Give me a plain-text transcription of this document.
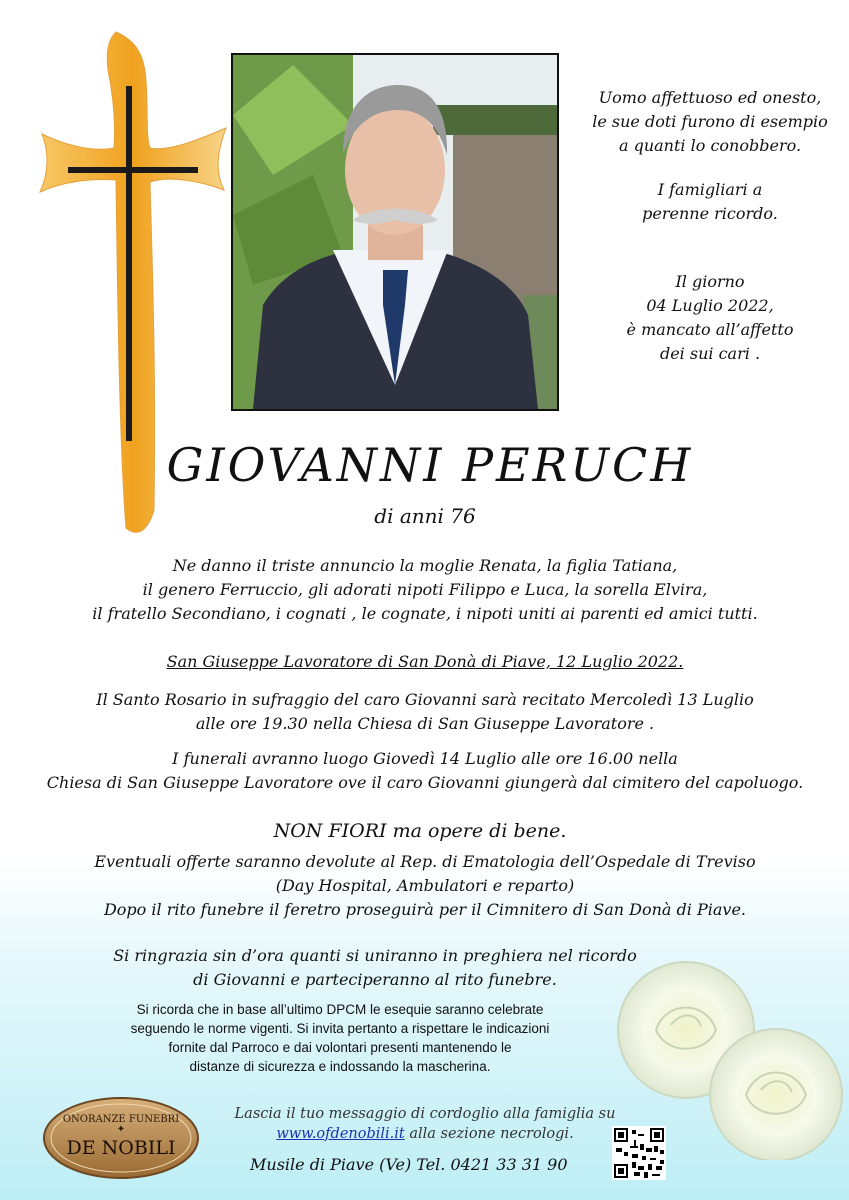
Uomo affettuoso ed onesto,
le sue doti furono di esempio
a quanti lo conobbero.

I famigliari a
perenne ricordo.

Il giorno
04 Luglio 2022,
è mancato all’affetto
dei sui cari .

GIOVANNI PERUCH
di anni 76
Ne danno il triste annuncio la moglie Renata, la figlia Tatiana,
il genero Ferruccio, gli adorati nipoti Filippo e Luca, la sorella Elvira,
il fratello Secondiano, i cognati , le cognate, i nipoti uniti ai parenti ed amici tutti.
San Giuseppe Lavoratore di San Donà di Piave, 12 Luglio 2022.
Il Santo Rosario in sufraggio del caro Giovanni sarà recitato Mercoledì 13 Luglio
alle ore 19.30 nella Chiesa di San Giuseppe Lavoratore .
I funerali avranno luogo Giovedì 14 Luglio alle ore 16.00 nella
Chiesa di San Giuseppe Lavoratore ove il caro Giovanni giungerà dal cimitero del capoluogo.
NON FIORI ma opere di bene.
Eventuali offerte saranno devolute al Rep. di Ematologia dell’Ospedale di Treviso
(Day Hospital, Ambulatori e reparto)
Dopo il rito funebre il feretro proseguirà per il Cimnitero di San Donà di Piave.
Si ringrazia sin d’ora quanti si uniranno in preghiera nel ricordo
di Giovanni e parteciperanno al rito funebre.
Si ricorda che in base all’ultimo DPCM le esequie saranno celebrate
seguendo le norme vigenti. Si invita pertanto a rispettare le indicazioni
fornite dal Parroco e dai volontari presenti mantenendo le
distanze di sicurezza e indossando la mascherina.
ONORANZE FUNEBRI
✦
DE NOBILI
Lascia il tuo messaggio di cordoglio alla famiglia su
www.ofdenobili.it alla sezione necrologi.
Musile di Piave (Ve) Tel. 0421 33 31 90
